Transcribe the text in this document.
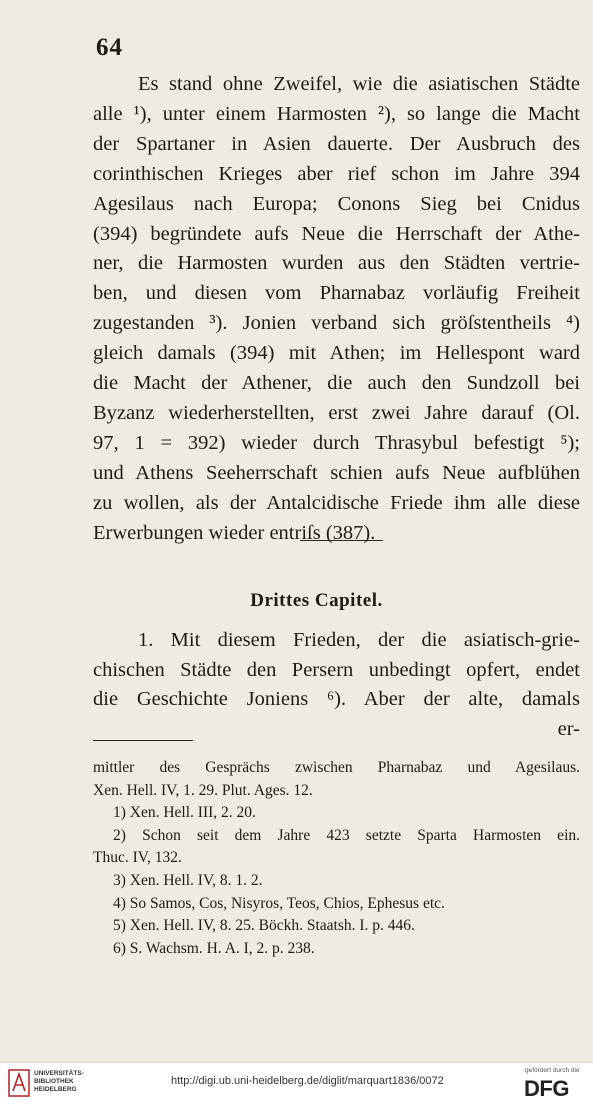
64
Es stand ohne Zweifel, wie die asiatischen Städte
alle ¹), unter einem Harmosten ²), so lange die Macht
der Spartaner in Asien dauerte. Der Ausbruch des
corinthischen Krieges aber rief schon im Jahre 394
Agesilaus nach Europa; Conons Sieg bei Cnidus
(394) begründete aufs Neue die Herrschaft der Athe-
ner, die Harmosten wurden aus den Städten vertrie-
ben, und diesen vom Pharnabaz vorläufig Freiheit
zugestanden ³). Jonien verband sich gröſstentheils ⁴)
gleich damals (394) mit Athen; im Hellespont ward
die Macht der Athener, die auch den Sundzoll bei
Byzanz wiederherstellten, erst zwei Jahre darauf (Ol.
97, 1 = 392) wieder durch Thrasybul befestigt ⁵);
und Athens Seeherrschaft schien aufs Neue aufblühen
zu wollen, als der Antalcidische Friede ihm alle diese
Erwerbungen wieder entriſs (387).
Drittes Capitel.
1. Mit diesem Frieden, der die asiatisch-grie-
chischen Städte den Persern unbedingt opfert, endet
die Geschichte Joniens ⁶). Aber der alte, damals
er-
mittler des Gesprächs zwischen Pharnabaz und Agesilaus.
Xen. Hell. IV, 1. 29. Plut. Ages. 12.
1) Xen. Hell. III, 2. 20.
2) Schon seit dem Jahre 423 setzte Sparta Harmosten ein.
Thuc. IV, 132.
3) Xen. Hell. IV, 8. 1. 2.
4) So Samos, Cos, Nisyros, Teos, Chios, Ephesus etc.
5) Xen. Hell. IV, 8. 25. Böckh. Staatsh. I. p. 446.
6) S. Wachsm. H. A. I, 2. p. 238.
UNIVERSITÄTS-
BIBLIOTHEK
HEIDELBERG
http://digi.ub.uni-heidelberg.de/diglit/marquart1836/0072
gefördert durch die
DFG
